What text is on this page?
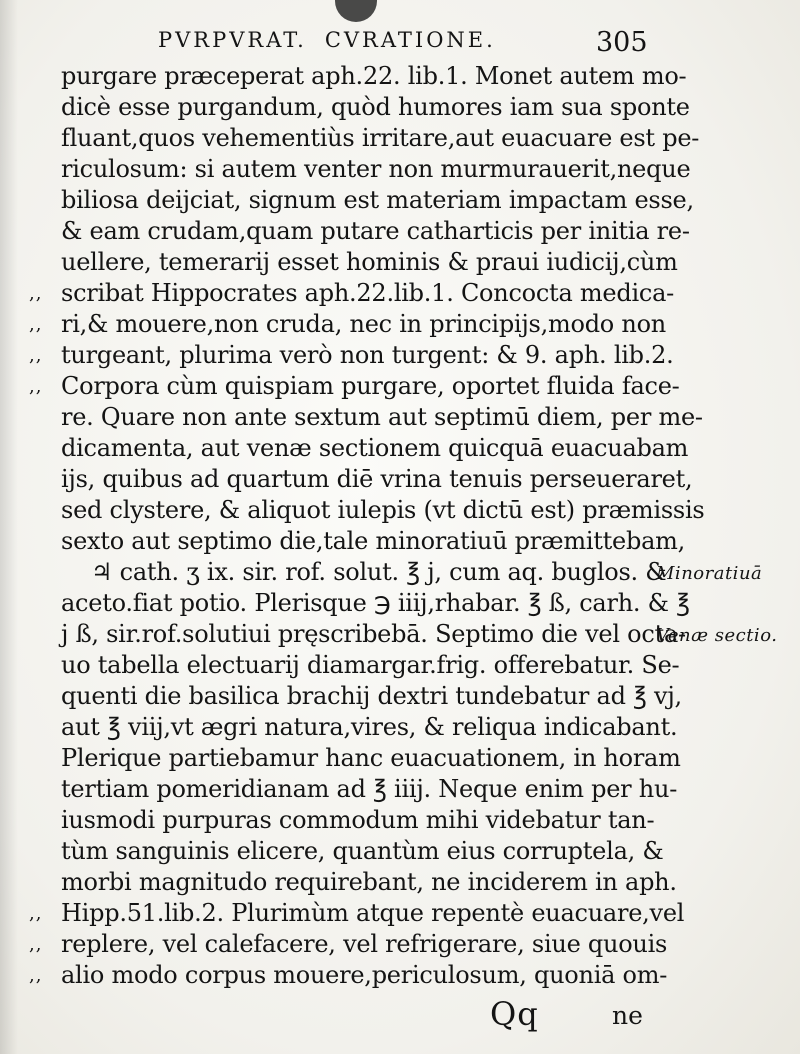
PVRPVRAT. CVRATIONE.	305
purgare præceperat aph.22. lib.1. Monet autem mo-
dicè esse purgandum, quòd humores iam sua sponte
fluant,quos vehementiùs irritare,aut euacuare est pe-
riculosum: si autem venter non murmurauerit,neque
biliosa deijciat, signum est materiam impactam esse,
& eam crudam,quam putare catharticis per initia re-
uellere, temerarij esset hominis & praui iudicij,cùm
scribat Hippocrates aph.22.lib.1. Concocta medica-
ri,& mouere,non cruda, nec in principijs,modo non
turgeant, plurima verò non turgent: & 9. aph. lib.2.
Corpora cùm quispiam purgare, oportet fluida face-
re. Quare non ante sextum aut septimū diem, per me-
dicamenta, aut venæ sectionem quicquā euacuabam
ijs, quibus ad quartum diē vrina tenuis perseueraret,
sed clystere, & aliquot iulepis (vt dictū est) præmissis
sexto aut septimo die,tale minoratiuū præmittebam,
♃ cath. ʒ ix. sir. rof. solut. ℥ j, cum aq. buglos. &
aceto.fiat potio. Plerisque ℈ iiij,rhabar. ℥ ß, carh. & ℥
j ß, sir.rof.solutiui pręscribebā. Septimo die vel octa-
uo tabella electuarij diamargar.frig. offerebatur. Se-
quenti die basilica brachij dextri tundebatur ad ℥ vj,
aut ℥ viij,vt ægri natura,vires, & reliqua indicabant.
Plerique partiebamur hanc euacuationem, in horam
tertiam pomeridianam ad ℥ iiij. Neque enim per hu-
iusmodi purpuras commodum mihi videbatur tan-
tùm sanguinis elicere, quantùm eius corruptela, &
morbi magnitudo requirebant, ne inciderem in aph.
Hipp.51.lib.2. Plurimùm atque repentè euacuare,vel
replere, vel calefacere, vel refrigerare, siue quouis
alio modo corpus mouere,periculosum, quoniā om-
,,
,,
,,
,,
,,
,,
,,
Minoratiuā
Venæ sectio.
Qq	ne
